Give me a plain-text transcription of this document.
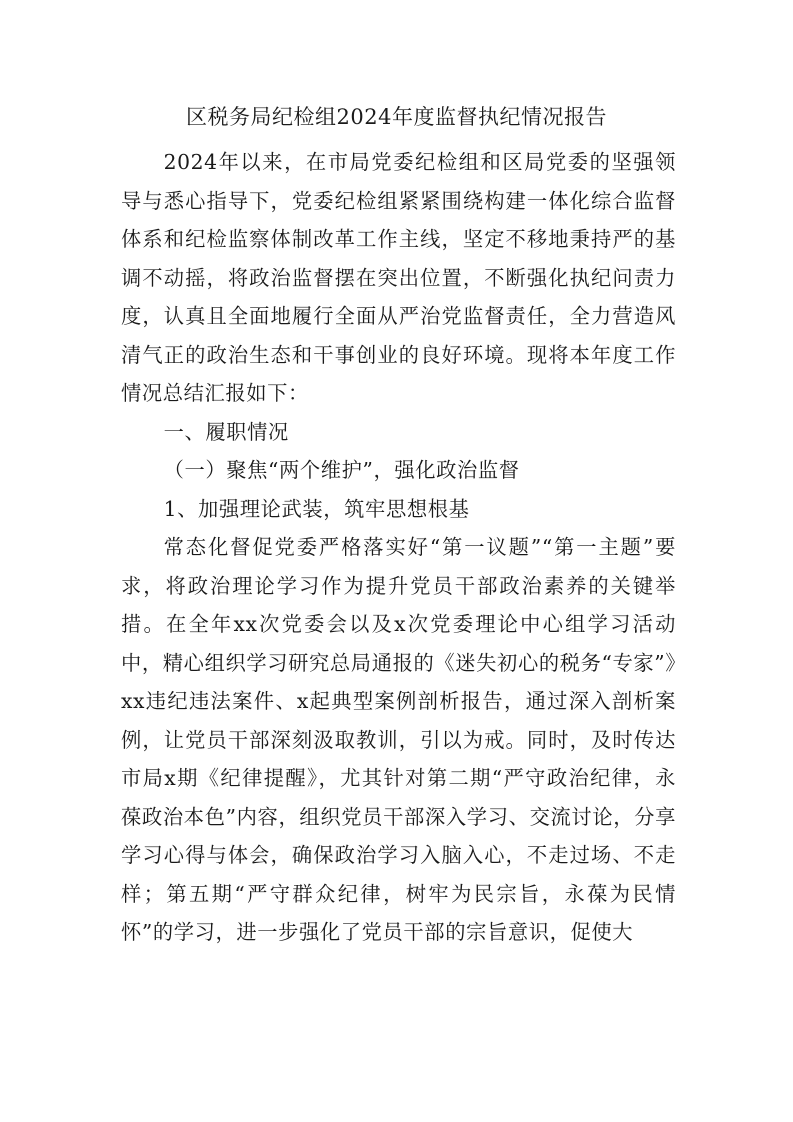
区税务局纪检组2024年度监督执纪情况报告

2024年以来，在市局党委纪检组和区局党委的坚强领导与悉心指导下，党委纪检组紧紧围绕构建一体化综合监督体系和纪检监察体制改革工作主线，坚定不移地秉持严的基调不动摇，将政治监督摆在突出位置，不断强化执纪问责力度，认真且全面地履行全面从严治党监督责任，全力营造风清气正的政治生态和干事创业的良好环境。现将本年度工作情况总结汇报如下：

一、履职情况

（一）聚焦“两个维护”，强化政治监督

1、加强理论武装，筑牢思想根基

常态化督促党委严格落实好“第一议题”“第一主题”要求，将政治理论学习作为提升党员干部政治素养的关键举措。在全年xx次党委会以及x次党委理论中心组学习活动中，精心组织学习研究总局通报的《迷失初心的税务“专家”》xx违纪违法案件、x起典型案例剖析报告，通过深入剖析案例，让党员干部深刻汲取教训，引以为戒。同时，及时传达市局x期《纪律提醒》，尤其针对第二期“严守政治纪律，永葆政治本色”内容，组织党员干部深入学习、交流讨论，分享学习心得与体会，确保政治学习入脑入心，不走过场、不走样；第五期“严守群众纪律，树牢为民宗旨，永葆为民情怀”的学习，进一步强化了党员干部的宗旨意识，促使大
